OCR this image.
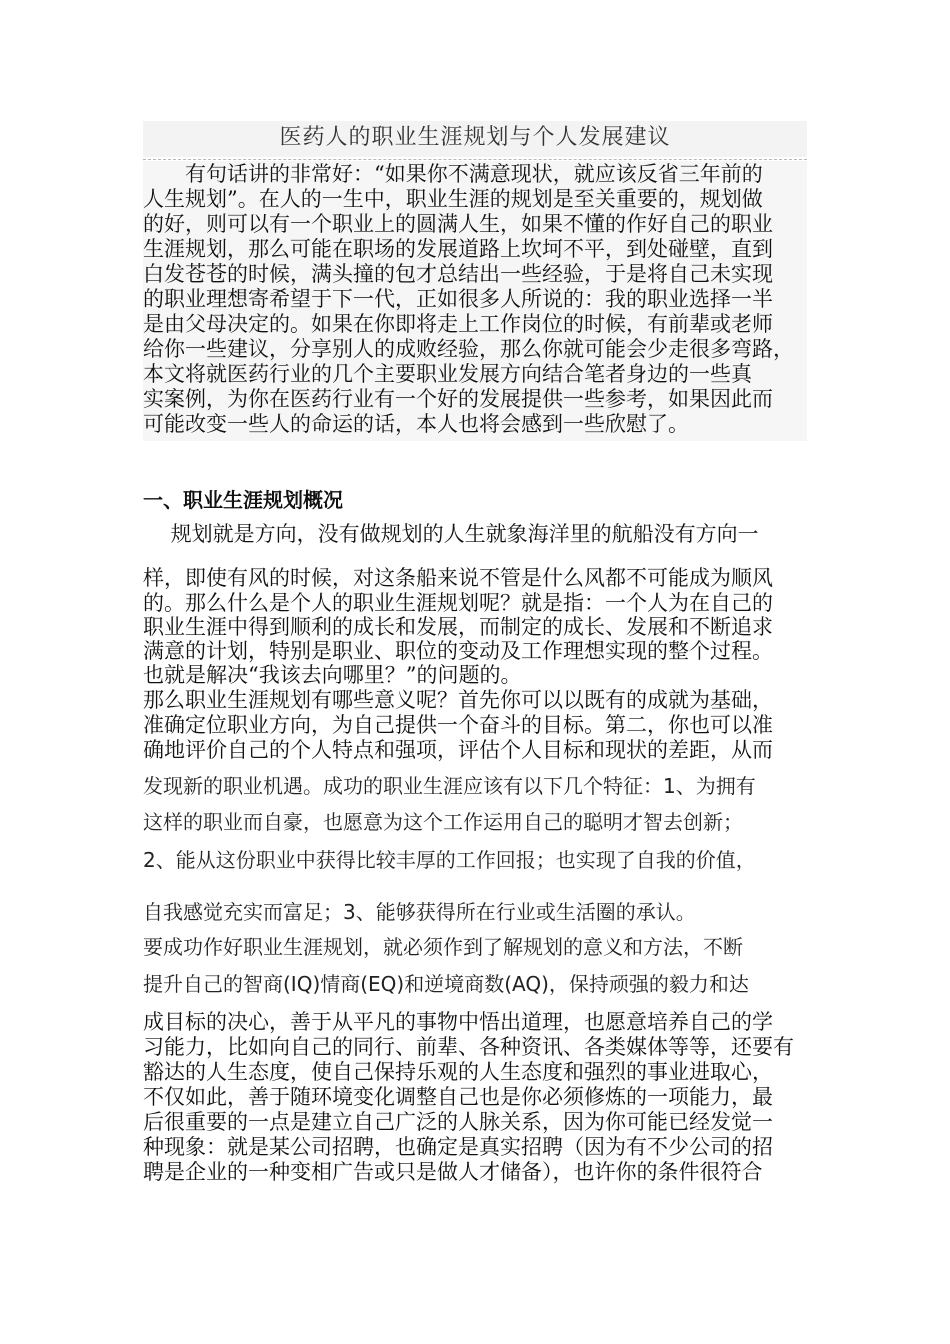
医药人的职业生涯规划与个人发展建议
　　有句话讲的非常好：“如果你不满意现状，就应该反省三年前的
人生规划”。在人的一生中，职业生涯的规划是至关重要的，规划做
的好，则可以有一个职业上的圆满人生，如果不懂的作好自己的职业
生涯规划，那么可能在职场的发展道路上坎坷不平，到处碰壁，直到
白发苍苍的时候，满头撞的包才总结出一些经验，于是将自己未实现
的职业理想寄希望于下一代，正如很多人所说的：我的职业选择一半
是由父母决定的。如果在你即将走上工作岗位的时候，有前辈或老师
给你一些建议，分享别人的成败经验，那么你就可能会少走很多弯路，
本文将就医药行业的几个主要职业发展方向结合笔者身边的一些真
实案例，为你在医药行业有一个好的发展提供一些参考，如果因此而
可能改变一些人的命运的话，本人也将会感到一些欣慰了。
一、职业生涯规划概况
　 规划就是方向，没有做规划的人生就象海洋里的航船没有方向一
样，即使有风的时候，对这条船来说不管是什么风都不可能成为顺风
的。那么什么是个人的职业生涯规划呢？就是指：一个人为在自己的
职业生涯中得到顺利的成长和发展，而制定的成长、发展和不断追求
满意的计划，特别是职业、职位的变动及工作理想实现的整个过程。
也就是解决“我该去向哪里？”的问题的。
那么职业生涯规划有哪些意义呢？首先你可以以既有的成就为基础，
准确定位职业方向，为自己提供一个奋斗的目标。第二，你也可以准
确地评价自己的个人特点和强项，评估个人目标和现状的差距，从而
发现新的职业机遇。成功的职业生涯应该有以下几个特征：1、为拥有
这样的职业而自豪，也愿意为这个工作运用自己的聪明才智去创新；
2、能从这份职业中获得比较丰厚的工作回报；也实现了自我的价值，
自我感觉充实而富足；3、能够获得所在行业或生活圈的承认。
要成功作好职业生涯规划，就必须作到了解规划的意义和方法，不断
提升自己的智商(IQ)情商(EQ)和逆境商数(AQ)，保持顽强的毅力和达
成目标的决心，善于从平凡的事物中悟出道理，也愿意培养自己的学
习能力，比如向自己的同行、前辈、各种资讯、各类媒体等等，还要有
豁达的人生态度，使自己保持乐观的人生态度和强烈的事业进取心，
不仅如此，善于随环境变化调整自己也是你必须修炼的一项能力，最
后很重要的一点是建立自己广泛的人脉关系，因为你可能已经发觉一
种现象：就是某公司招聘，也确定是真实招聘（因为有不少公司的招
聘是企业的一种变相广告或只是做人才储备），也许你的条件很符合
